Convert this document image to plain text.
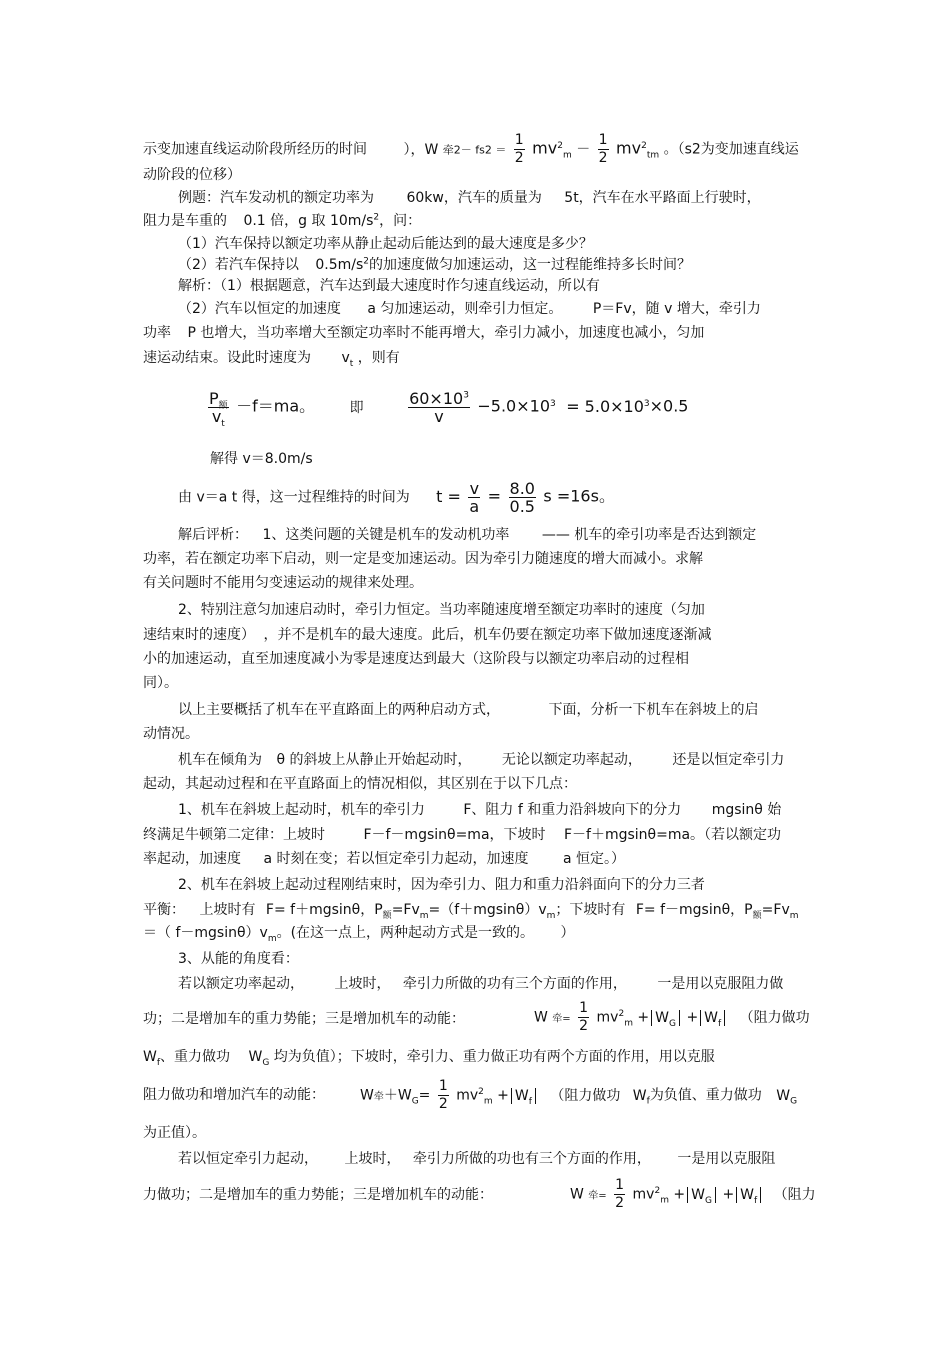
示变加速直线运动阶段所经历的时间	），W 牵$2- fs2 = \frac{1}{2} mv^2_m - \frac{1}{2} mv^2_{tm}$ 。（s2为变加速直线运
动阶段的位移）
例题：汽车发动机的额定功率为 60kw，汽车的质量为 5t，汽车在水平路面上行驶时，
阻力是车重的 0.1 倍，g 取 $10m/s^2$，问：
（1）汽车保持以额定功率从静止起动后能达到的最大速度是多少？
（2）若汽车保持以 $0.5m/s^2$的加速度做匀加速运动，这一过程能维持多长时间？
解析：（1）根据题意，汽车达到最大速度时作匀速直线运动，所以有
（2）汽车以恒定的加速度 a 匀加速运动，则牵引力恒定。 P＝Fv，随 v 增大，牵引力
功率 P 也增大，当功率增大至额定功率时不能再增大，牵引力减小，加速度也减小，匀加
速运动结束。设此时速度为 $v_t$ ，则有
$\frac{P_额}{v_t} -f=ma$。 即	$\frac{60\times 10^3}{v} -5.0\times 10^3 = 5.0\times 10^3\times 0.5$
解得 v＝8.0m/s
由 v＝a t 得，这一过程维持的时间为 $t = \frac{v}{a} = \frac{8.0}{0.5}$ s =16s。
解后评析： 1、这类问题的关键是机车的发动机功率 —— 机车的牵引功率是否达到额定
功率，若在额定功率下启动，则一定是变加速运动。因为牵引力随速度的增大而减小。求解
有关问题时不能用匀变速运动的规律来处理。
2、特别注意匀加速启动时，牵引力恒定。当功率随速度增至额定功率时的速度（匀加
速结束时的速度） ，并不是机车的最大速度。此后，机车仍要在额定功率下做加速度逐渐减
小的加速运动，直至加速度减小为零是速度达到最大（这阶段与以额定功率启动的过程相
同）。
以上主要概括了机车在平直路面上的两种启动方式，	下面，分析一下机车在斜坡上的启
动情况。
机车在倾角为 θ 的斜坡上从静止开始起动时， 无论以额定功率起动， 还是以恒定牵引力
起动，其起动过程和在平直路面上的情况相似，其区别在于以下几点：
1、机车在斜坡上起动时，机车的牵引力	F、阻力 f 和重力沿斜坡向下的分力 mgsinθ 始
终满足牛顿第二定律：上坡时	F－f－mgsinθ=ma，下坡时 F－f＋mgsinθ=ma。（若以额定功
率起动，加速度 a 时刻在变；若以恒定牵引力起动，加速度 a 恒定。）
2、机车在斜坡上起动过程刚结束时，因为牵引力、阻力和重力沿斜面向下的分力三者
平衡： 上坡时有 F= f＋mgsinθ，$P_额=Fv_m=(f+mgsin\theta)v_m$；下坡时有 F= f－mgsinθ，$P_额=Fv_m$
＝（ $f-mgsin\theta)v_m$。(在这一点上，两种起动方式是一致的。 ）
3、从能的角度看：
若以额定功率起动， 上坡时， 牵引力所做的功有三个方面的作用， 一是用以克服阻力做
功；二是增加车的重力势能；三是增加机车的动能：	W 牵= $\frac{1}{2} mv^2_m + W_G + W_f$ （阻力做功
$W_f$、重力做功 $W_G$ 均为负值）；下坡时，牵引力、重力做正功有两个方面的作用，用以克服
阻力做功和增加汽车的动能：	W牵$+W_G= \frac{1}{2} mv^2_m + W_f$ （阻力做功 $W_f$为负值、重力做功 $W_G$
为正值）。
若以恒定牵引力起动， 上坡时， 牵引力所做的功也有三个方面的作用， 一是用以克服阻
力做功；二是增加车的重力势能；三是增加机车的动能：	W 牵= $\frac{1}{2} mv^2_m + W_G + W_f$ （阻力
